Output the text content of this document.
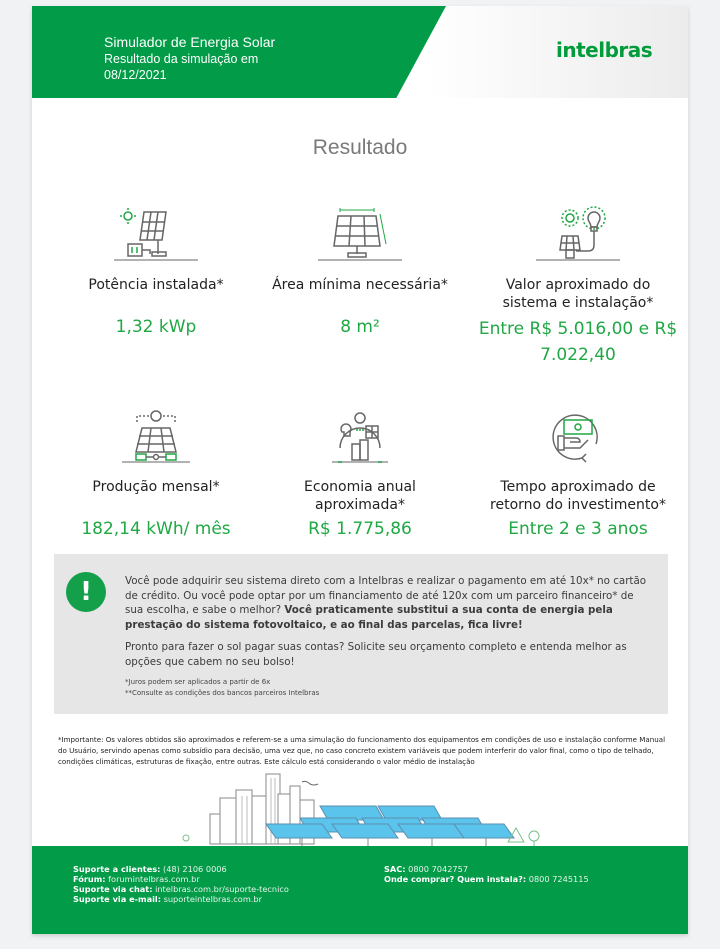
Simulador de Energia Solar
Resultado da simulação em
08/12/2021
intelbras
Resultado
Potência instalada*
1,32 kWp
Área mínima necessária*
8 m²
Valor aproximado do sistema e instalação*
Entre R$ 5.016,00 e R$ 7.022,40
Produção mensal*
182,14 kWh/ mês
Economia anual aproximada*
R$ 1.775,86
Tempo aproximado de retorno do investimento*
Entre 2 e 3 anos
!	Você pode adquirir seu sistema direto com a Intelbras e realizar o pagamento em até 10x* no cartão de crédito. Ou você pode optar por um financiamento de até 120x com um parceiro financeiro* de sua escolha, e sabe o melhor? Você praticamente substitui a sua conta de energia pela prestação do sistema fotovoltaico, e ao final das parcelas, fica livre!

Pronto para fazer o sol pagar suas contas? Solicite seu orçamento completo e entenda melhor as opções que cabem no seu bolso!

*Juros podem ser aplicados a partir de 6x

**Consulte as condições dos bancos parceiros Intelbras

*Importante: Os valores obtidos são aproximados e referem-se a uma simulação do funcionamento dos equipamentos em condições de uso e instalação conforme Manual do Usuário, servindo apenas como subsídio para decisão, uma vez que, no caso concreto existem variáveis que podem interferir do valor final, como o tipo de telhado, condições climáticas, estruturas de fixação, entre outras. Este cálculo está considerando o valor médio de instalação
Suporte a clientes: (48) 2106 0006
Fórum: forumintelbras.com.br
Suporte via chat: intelbras.com.br/suporte-tecnico
Suporte via e-mail: suporteintelbras.com.br
SAC: 0800 7042757
Onde comprar? Quem instala?: 0800 7245115
